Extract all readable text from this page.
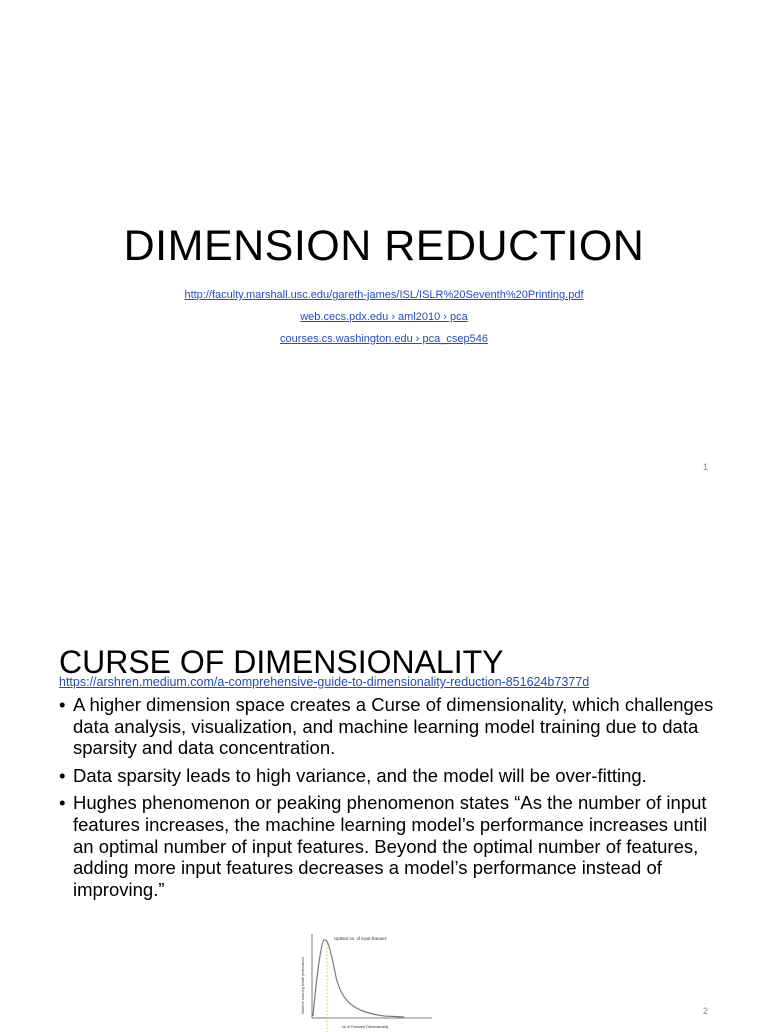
DIMENSION REDUCTION
http://faculty.marshall.usc.edu/gareth-james/ISL/ISLR%20Seventh%20Printing.pdf
web.cecs.pdx.edu › aml2010 › pca
courses.cs.washington.edu › pca_csep546
1
CURSE OF DIMENSIONALITY
https://arshren.medium.com/a-comprehensive-guide-to-dimensionality-reduction-851624b7377d
• A higher dimension space creates a Curse of dimensionality, which challenges data analysis, visualization, and machine learning model training due to data sparsity and data concentration.
• Data sparsity leads to high variance, and the model will be over-fitting.
• Hughes phenomenon or peaking phenomenon states “As the number of input features increases, the machine learning model’s performance increases until an optimal number of input features. Beyond the optimal number of features, adding more input features decreases a model’s performance instead of improving.”
Optimal no. of input features
Machine Learning Model performance
No of Features/ Dimensionality
2
